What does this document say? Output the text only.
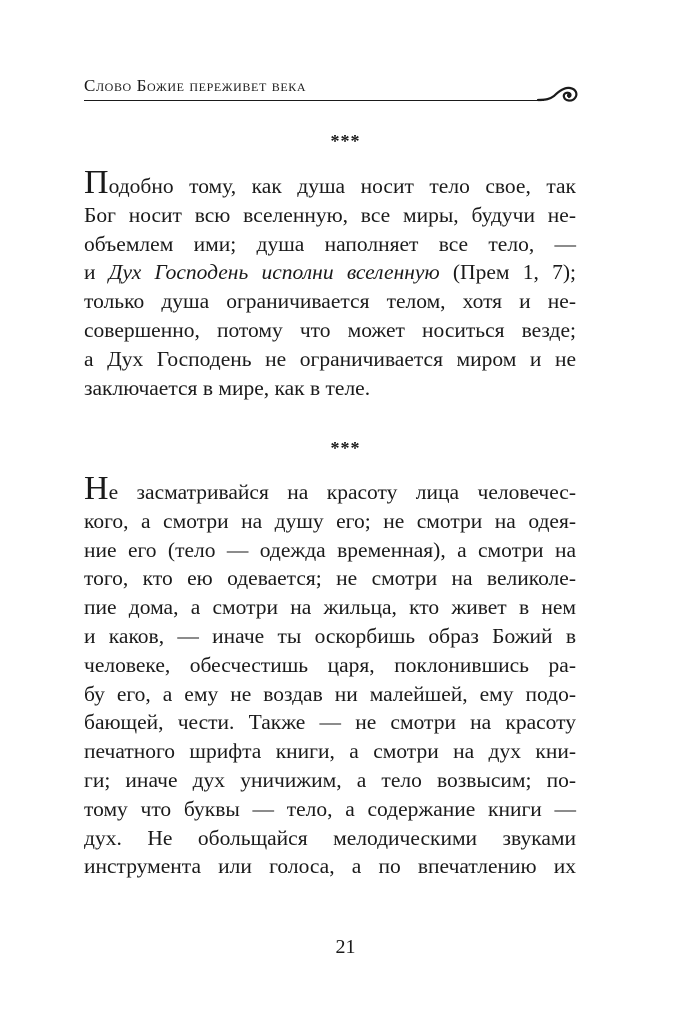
Слово Божие переживет века
***
Подобно тому, как душа носит тело свое, так
Бог носит всю вселенную, все миры, будучи не-
объемлем ими; душа наполняет все тело, —
и Дух Господень исполни вселенную (Прем 1, 7);
только душа ограничивается телом, хотя и не-
совершенно, потому что может носиться везде;
а Дух Господень не ограничивается миром и не
заключается в мире, как в теле.
***
Не засматривайся на красоту лица человечес-
кого, а смотри на душу его; не смотри на одея-
ние его (тело — одежда временная), а смотри на
того, кто ею одевается; не смотри на великоле-
пие дома, а смотри на жильца, кто живет в нем
и каков, — иначе ты оскорбишь образ Божий в
человеке, обесчестишь царя, поклонившись ра-
бу его, а ему не воздав ни малейшей, ему подо-
бающей, чести. Также — не смотри на красоту
печатного шрифта книги, а смотри на дух кни-
ги; иначе дух уничижим, а тело возвысим; по-
тому что буквы — тело, а содержание книги —
дух. Не обольщайся мелодическими звуками
инструмента или голоса, а по впечатлению их
21
